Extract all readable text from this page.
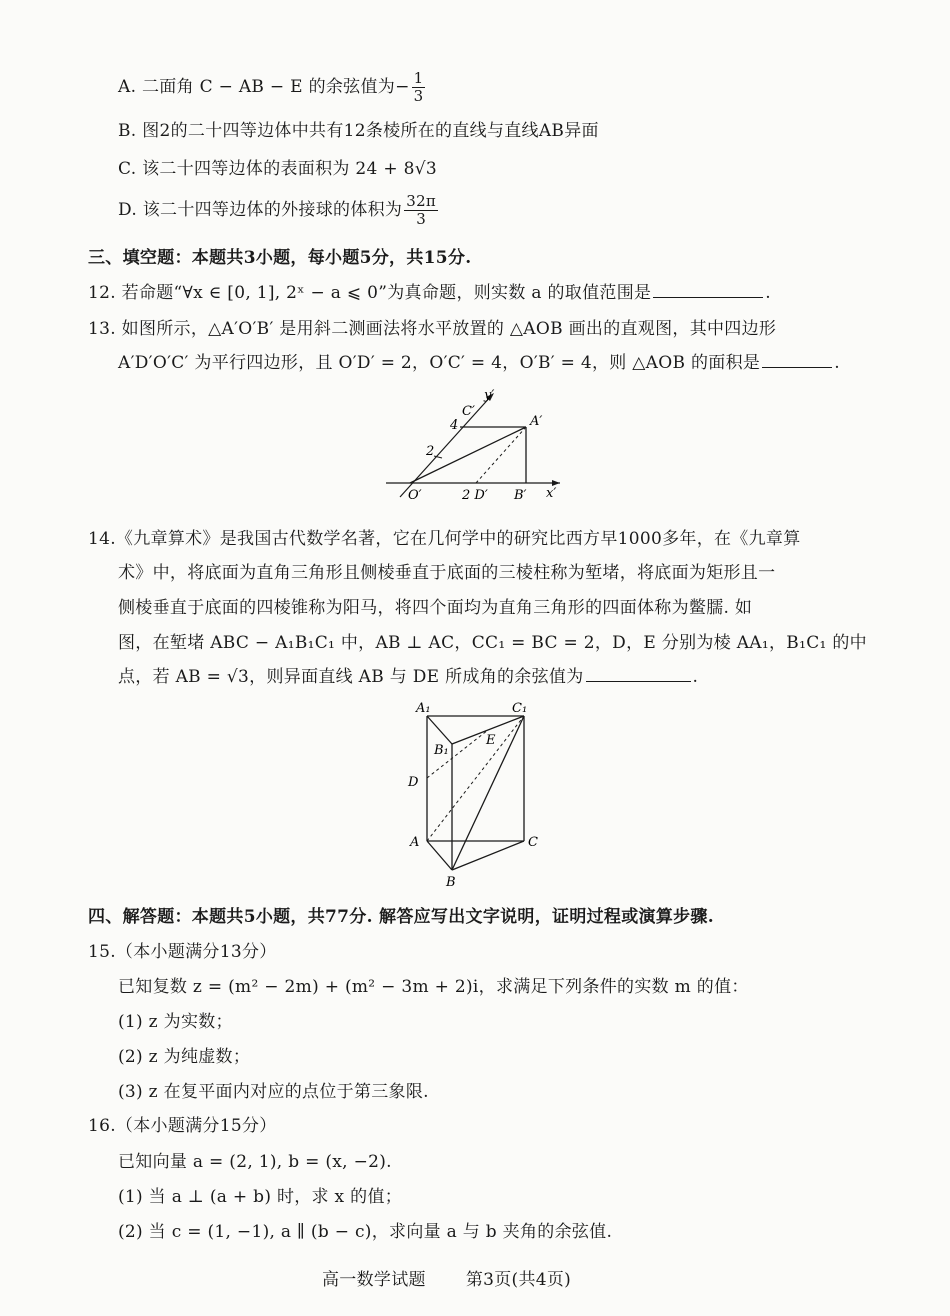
A. 二面角 C − AB − E 的余弦值为− $\frac{1}{3}$
B. 图2的二十四等边体中共有12条棱所在的直线与直线AB异面
C. 该二十四等边体的表面积为 24 + 8√3
D. 该二十四等边体的外接球的体积为 $\frac{32\pi}{3}$
三、填空题：本题共3小题，每小题5分，共15分.
12. 若命题“∀x ∈ [0, 1], 2ˣ − a ⩽ 0”为真命题，则实数 a 的取值范围是	.
13. 如图所示，△A′O′B′ 是用斜二测画法将水平放置的 △AOB 画出的直观图，其中四边形
A′D′O′C′ 为平行四边形，且 O′D′ = 2，O′C′ = 4，O′B′ = 4，则 △AOB 的面积是	.
y′
C′
A′
4
2
O′	2 D′ B′ x′
14.《九章算术》是我国古代数学名著，它在几何学中的研究比西方早1000多年，在《九章算
术》中，将底面为直角三角形且侧棱垂直于底面的三棱柱称为堑堵，将底面为矩形且一
侧棱垂直于底面的四棱锥称为阳马，将四个面均为直角三角形的四面体称为鳖臑. 如
图，在堑堵 ABC − A₁B₁C₁ 中，AB ⊥ AC，CC₁ = BC = 2，D，E 分别为棱 AA₁，B₁C₁ 的中
点，若 AB = √3，则异面直线 AB 与 DE 所成角的余弦值为	.
A₁	C₁
B₁
E
D
A	C
B
四、解答题：本题共5小题，共77分. 解答应写出文字说明，证明过程或演算步骤.
15.（本小题满分13分）
已知复数 z = (m² − 2m) + (m² − 3m + 2)i，求满足下列条件的实数 m 的值：
(1) z 为实数；
(2) z 为纯虚数；
(3) z 在复平面内对应的点位于第三象限.
16.（本小题满分15分）
已知向量 a = (2, 1), b = (x, −2).
(1) 当 a ⊥ (a + b) 时，求 x 的值；
(2) 当 c = (1, −1), a ∥ (b − c)，求向量 a 与 b 夹角的余弦值.
高一数学试题 第3页(共4页)
